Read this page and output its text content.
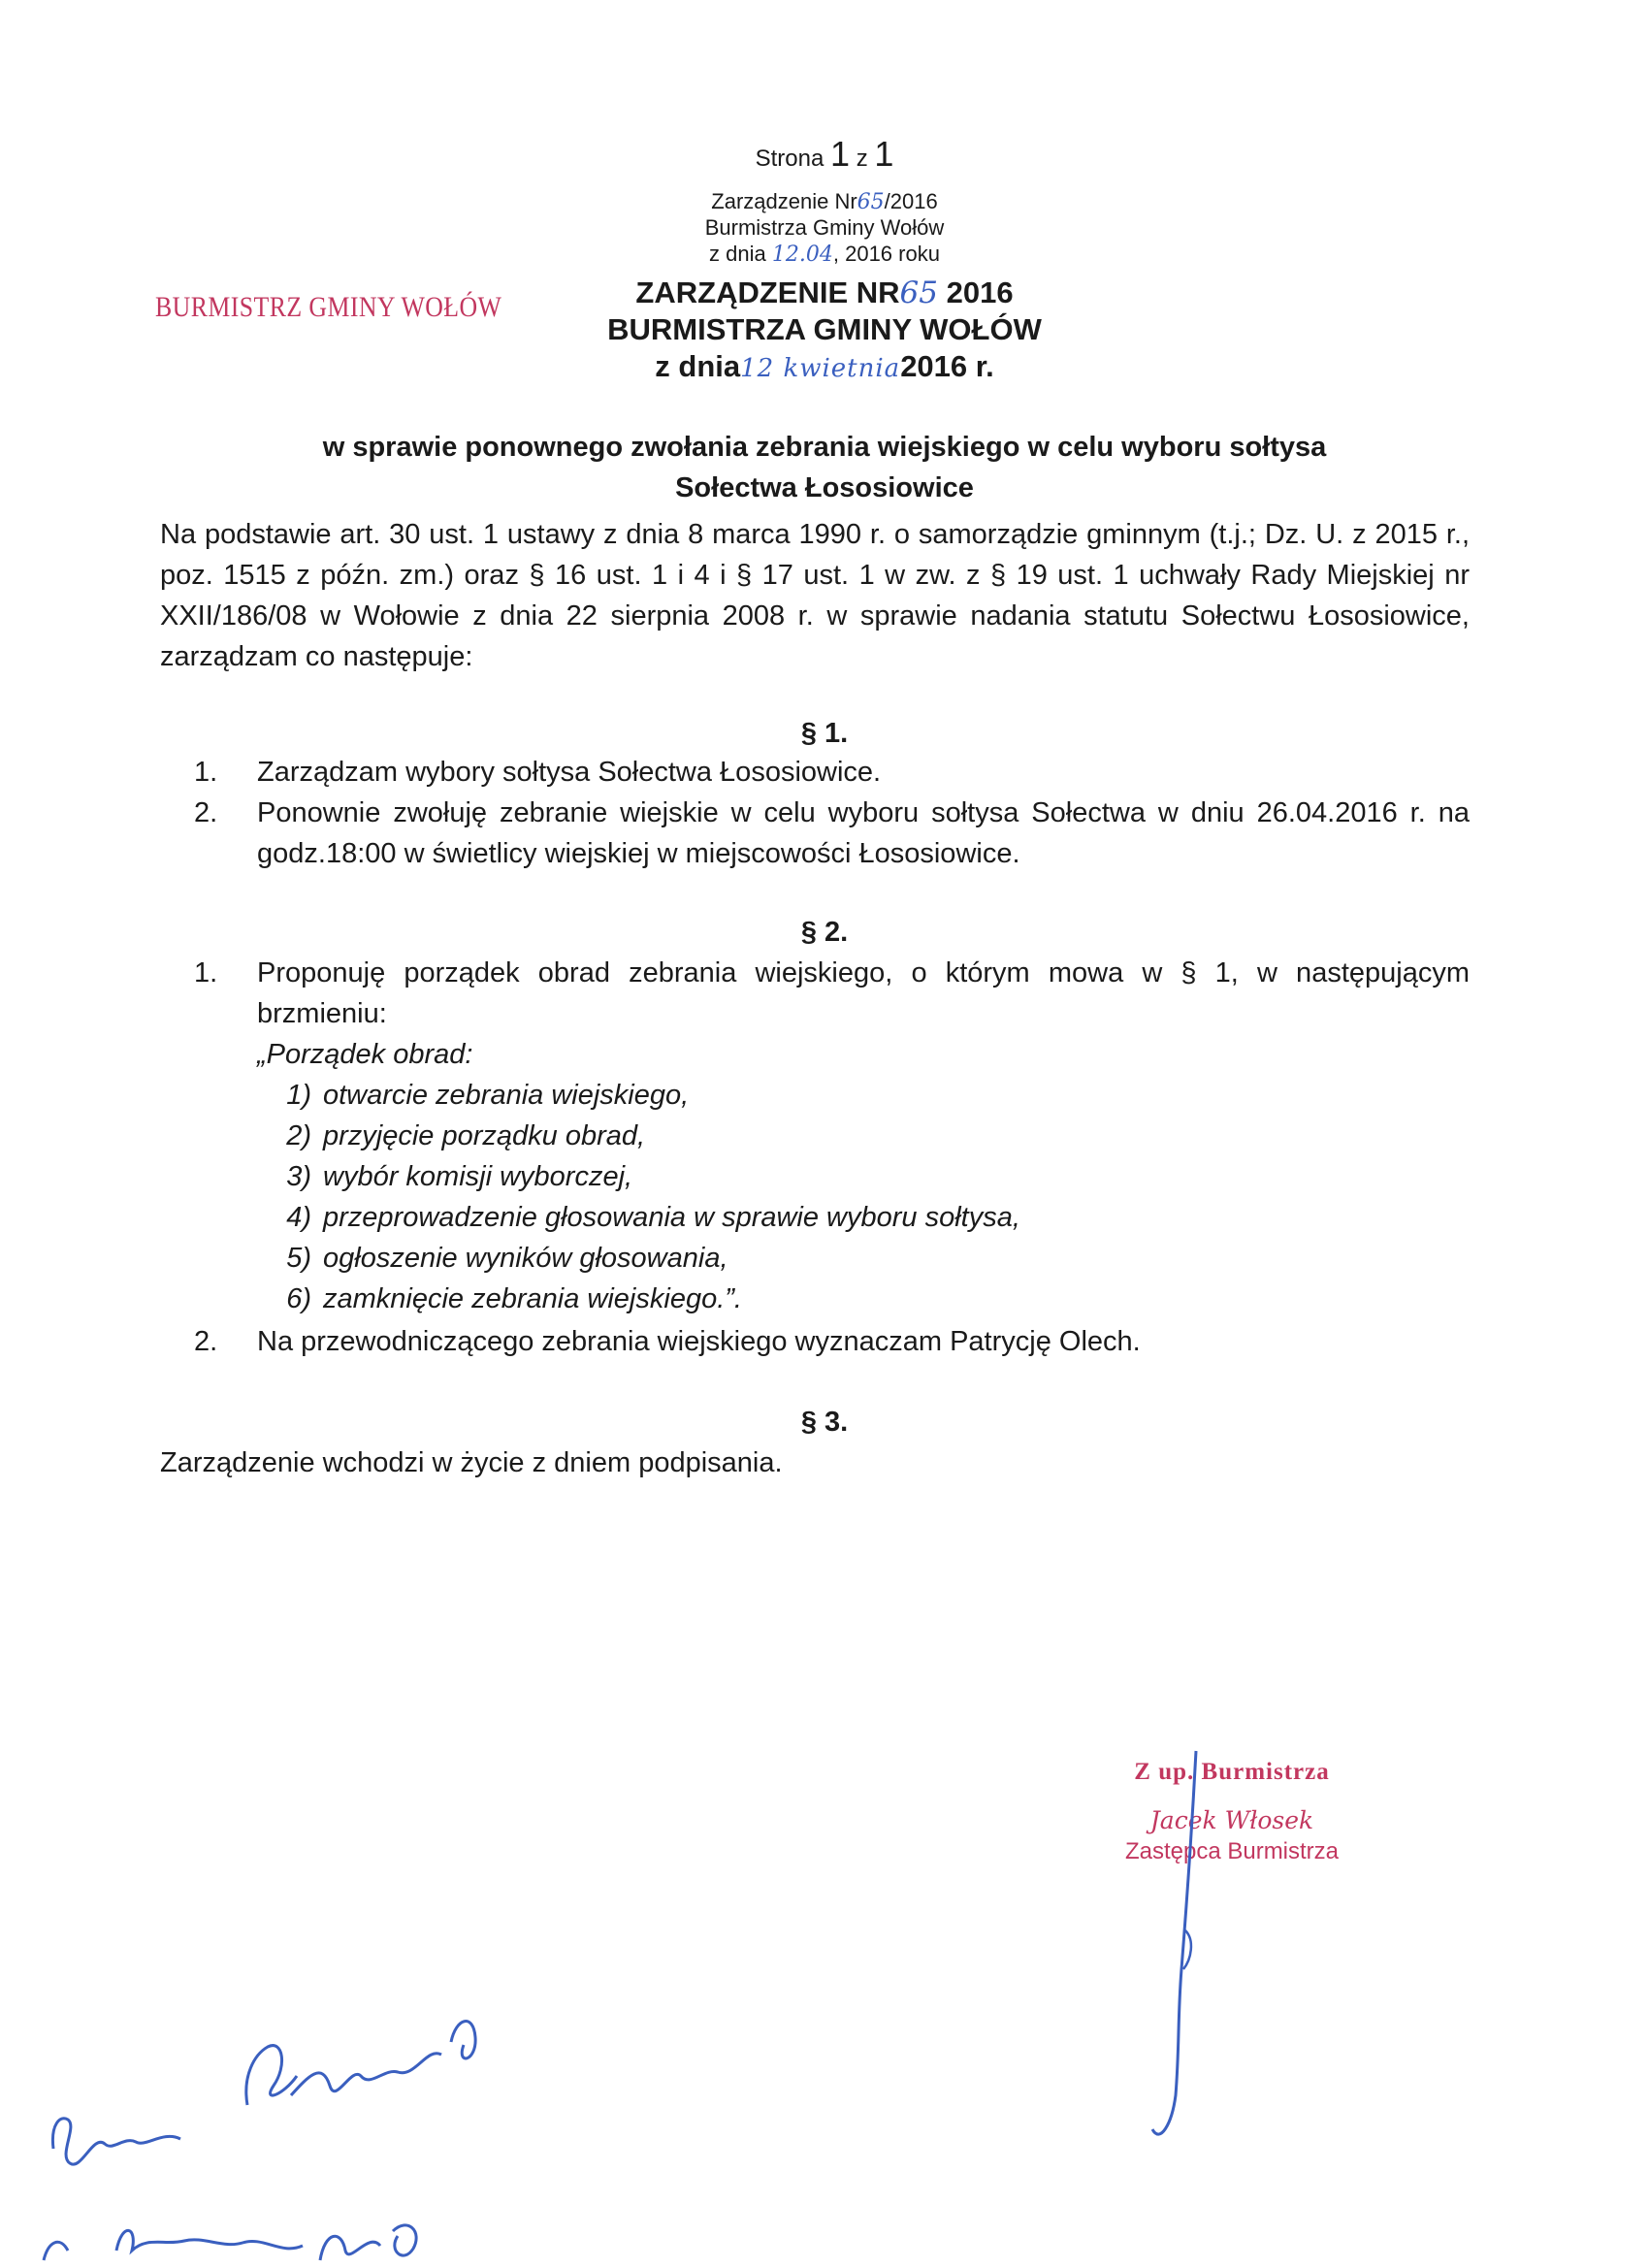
Strona 1 z 1
Zarządzenie Nr65/2016
Burmistrza Gminy Wołów
z dnia 12.04, 2016 roku
BURMISTRZ GMINY WOŁÓW	ZARZĄDZENIE NR65 2016
BURMISTRZA GMINY WOŁÓW
z dnia12 kwietnia2016 r.
w sprawie ponownego zwołania zebrania wiejskiego w celu wyboru sołtysa
Sołectwa Łososiowice
Na podstawie art. 30 ust. 1 ustawy z dnia 8 marca 1990 r. o samorządzie gminnym (t.j.; Dz. U. z 2015 r., poz. 1515 z późn. zm.) oraz § 16 ust. 1 i 4 i § 17 ust. 1 w zw. z § 19 ust. 1 uchwały Rady Miejskiej nr XXII/186/08 w Wołowie z dnia 22 sierpnia 2008 r. w sprawie nadania statutu Sołectwu Łososiowice, zarządzam co następuje:
§ 1.
1.	Zarządzam wybory sołtysa Sołectwa Łososiowice.
2.	Ponownie zwołuję zebranie wiejskie w celu wyboru sołtysa Sołectwa w dniu 26.04.2016 r. na godz.18:00 w świetlicy wiejskiej w miejscowości Łososiowice.
§ 2.
1.	Proponuję porządek obrad zebrania wiejskiego, o którym mowa w § 1, w następującym brzmieniu:
„Porządek obrad:
1) otwarcie zebrania wiejskiego,
2) przyjęcie porządku obrad,
3) wybór komisji wyborczej,
4) przeprowadzenie głosowania w sprawie wyboru sołtysa,
5) ogłoszenie wyników głosowania,
6) zamknięcie zebrania wiejskiego.”.
2.	Na przewodniczącego zebrania wiejskiego wyznaczam Patrycję Olech.
§ 3.
Zarządzenie wchodzi w życie z dniem podpisania.
Z up. Burmistrza
Jacek Włosek
Zastępca Burmistrza
